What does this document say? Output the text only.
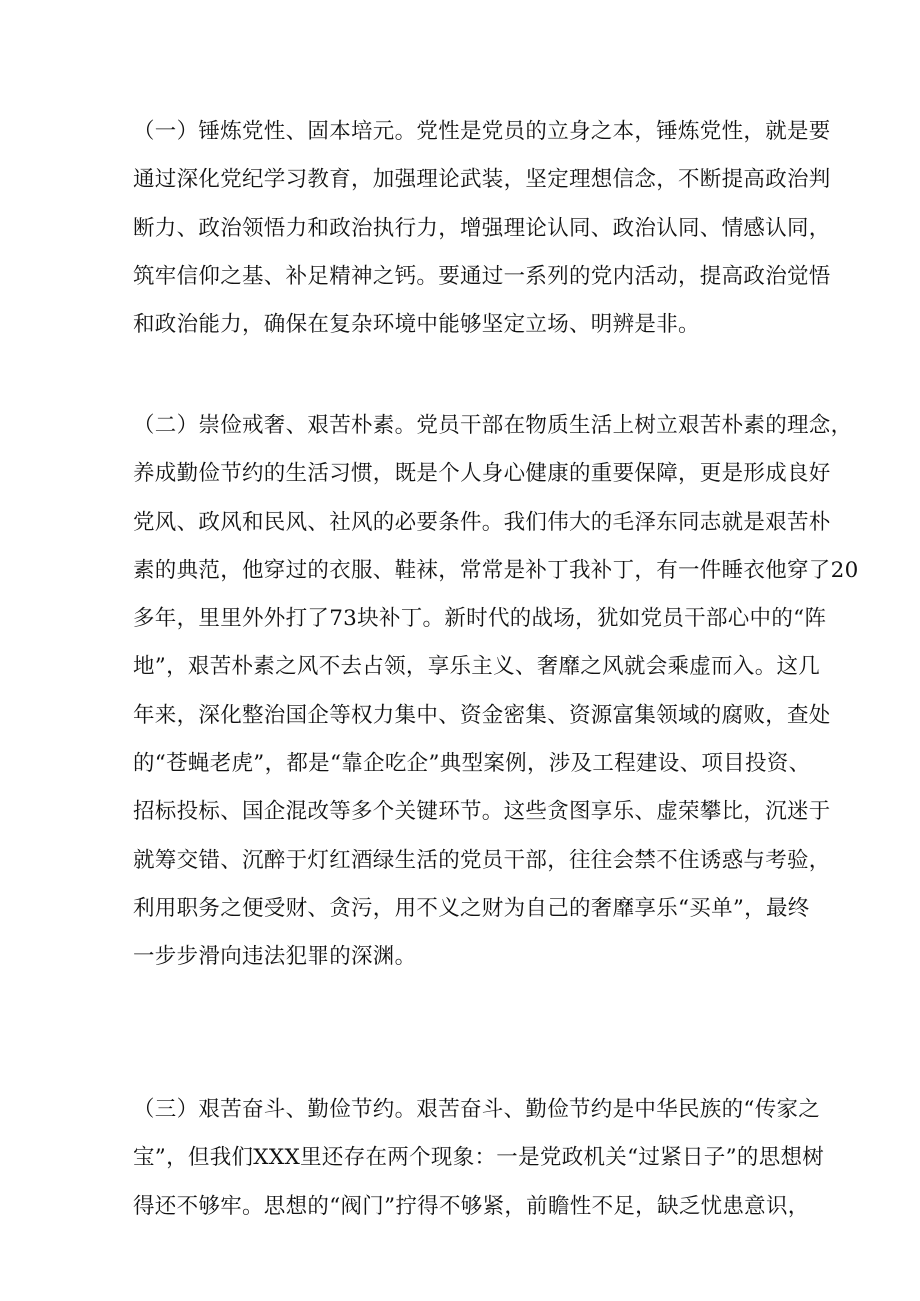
（一）锤炼党性、固本培元。党性是党员的立身之本，锤炼党性，就是要
通过深化党纪学习教育，加强理论武装，坚定理想信念，不断提高政治判
断力、政治领悟力和政治执行力，增强理论认同、政治认同、情感认同，
筑牢信仰之基、补足精神之钙。要通过一系列的党内活动，提高政治觉悟
和政治能力，确保在复杂环境中能够坚定立场、明辨是非。
（二）崇俭戒奢、艰苦朴素。党员干部在物质生活上树立艰苦朴素的理念，
养成勤俭节约的生活习惯，既是个人身心健康的重要保障，更是形成良好
党风、政风和民风、社风的必要条件。我们伟大的毛泽东同志就是艰苦朴
素的典范，他穿过的衣服、鞋袜，常常是补丁我补丁，有一件睡衣他穿了20
多年，里里外外打了73块补丁。新时代的战场，犹如党员干部心中的“阵
地”，艰苦朴素之风不去占领，享乐主义、奢靡之风就会乘虚而入。这几
年来，深化整治国企等权力集中、资金密集、资源富集领域的腐败，查处
的“苍蝇老虎”，都是“靠企吃企”典型案例，涉及工程建设、项目投资、
招标投标、国企混改等多个关键环节。这些贪图享乐、虚荣攀比，沉迷于
就筹交错、沉醉于灯红酒绿生活的党员干部，往往会禁不住诱惑与考验，
利用职务之便受财、贪污，用不义之财为自己的奢靡享乐“买单”，最终
一步步滑向违法犯罪的深渊。
（三）艰苦奋斗、勤俭节约。艰苦奋斗、勤俭节约是中华民族的“传家之
宝”，但我们XXX里还存在两个现象：一是党政机关“过紧日子”的思想树
得还不够牢。思想的“阀门”拧得不够紧，前瞻性不足，缺乏忧患意识，
